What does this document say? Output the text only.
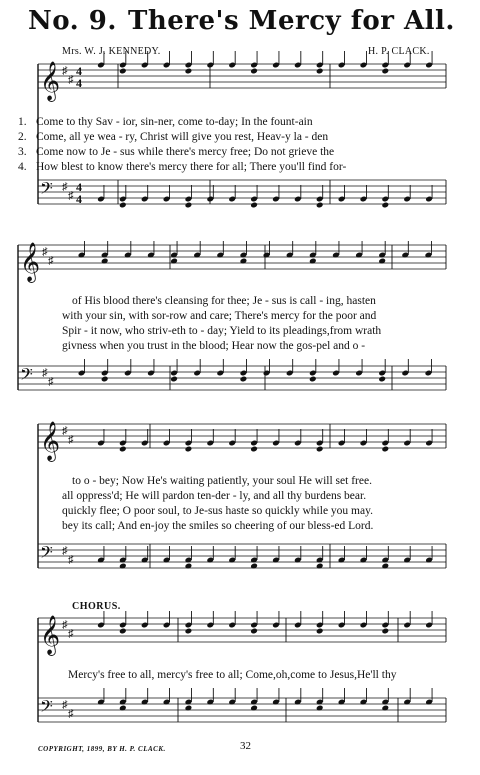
No. 9. There's Mercy for All.
Mrs. W. J. KENNEDY.	H. P. CLACK.
𝄞 ♯
♯
𝄢 ♯
♯
4
4
4
4
𝄞 ♯
♯
𝄢 ♯
♯
𝄞 ♯
♯
𝄢 ♯
♯
𝄞 ♯
♯
𝄢 ♯
♯
1. Come to thy Sav - ior, sin-ner, come to-day; In the fount-ain
2. Come, all ye wea - ry, Christ will give you rest, Heav-y la - den
3. Come now to Je - sus while there's mercy free; Do not grieve the
4. How blest to know there's mercy there for all; There you'll find for-
of His blood there's cleansing for thee; Je - sus is call - ing, hasten
with your sin, with sor-row and care; There's mercy for the poor and
Spir - it now, who striv-eth to - day; Yield to its pleadings,from wrath
givness when you trust in the blood; Hear now the gos-pel and o -
to o - bey; Now He's waiting patiently, your soul He will set free.
all oppress'd; He will pardon ten-der - ly, and all thy burdens bear.
quickly flee; O poor soul, to Je-sus haste so quickly while you may.
bey its call; And en-joy the smiles so cheering of our bless-ed Lord.
CHORUS.
Mercy's free to all, mercy's free to all; Come,oh,come to Jesus,He'll thy
COPYRIGHT, 1899, BY H. P. CLACK.	32
